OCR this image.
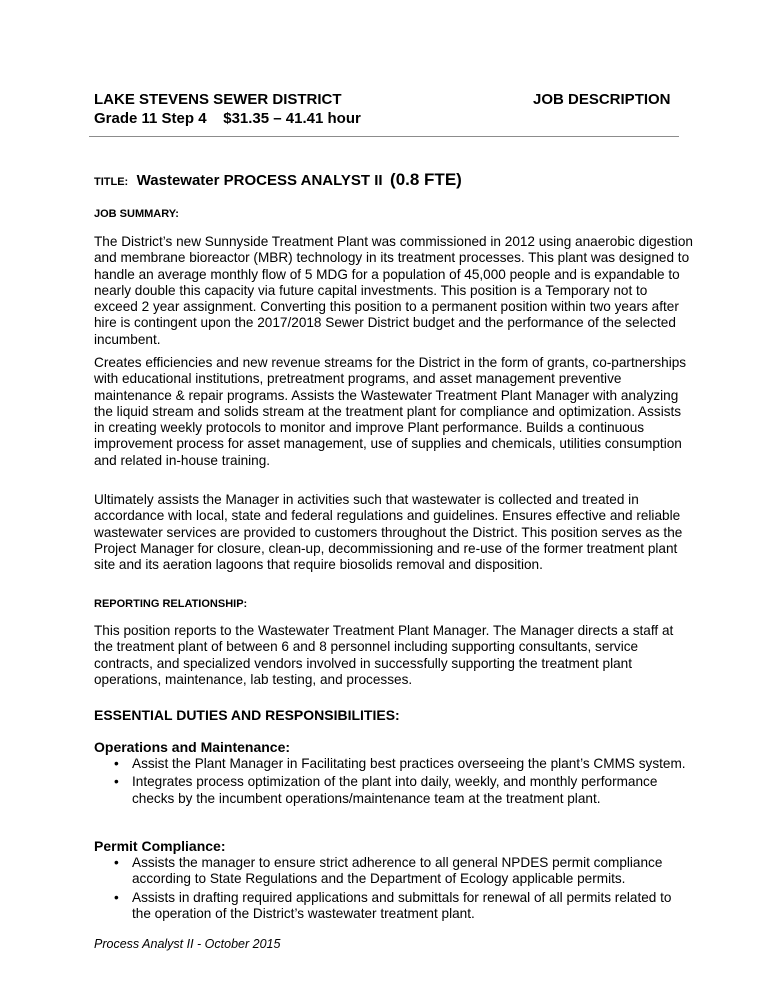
LAKE STEVENS SEWER DISTRICT
Grade 11 Step 4    $31.35 – 41.41 hour
JOB DESCRIPTION
TITLE: Wastewater PROCESS ANALYST II (0.8 FTE)
JOB SUMMARY:
The District’s new Sunnyside Treatment Plant was commissioned in 2012 using anaerobic digestion and membrane bioreactor (MBR) technology in its treatment processes. This plant was designed to handle an average monthly flow of 5 MDG for a population of 45,000 people and is expandable to nearly double this capacity via future capital investments. This position is a Temporary not to exceed 2 year assignment. Converting this position to a permanent position within two years after hire is contingent upon the 2017/2018 Sewer District budget and the performance of the selected incumbent.
Creates efficiencies and new revenue streams for the District in the form of grants, co-partnerships with educational institutions, pretreatment programs, and asset management preventive maintenance & repair programs. Assists the Wastewater Treatment Plant Manager with analyzing the liquid stream and solids stream at the treatment plant for compliance and optimization. Assists in creating weekly protocols to monitor and improve Plant performance. Builds a continuous improvement process for asset management, use of supplies and chemicals, utilities consumption and related in-house training.
Ultimately assists the Manager in activities such that wastewater is collected and treated in accordance with local, state and federal regulations and guidelines. Ensures effective and reliable wastewater services are provided to customers throughout the District. This position serves as the Project Manager for closure, clean-up, decommissioning and re-use of the former treatment plant site and its aeration lagoons that require biosolids removal and disposition.
REPORTING RELATIONSHIP:
This position reports to the Wastewater Treatment Plant Manager. The Manager directs a staff at the treatment plant of between 6 and 8 personnel including supporting consultants, service contracts, and specialized vendors involved in successfully supporting the treatment plant operations, maintenance, lab testing, and processes.
ESSENTIAL DUTIES AND RESPONSIBILITIES:
Operations and Maintenance:
• Assist the Plant Manager in Facilitating best practices overseeing the plant’s CMMS system.
• Integrates process optimization of the plant into daily, weekly, and monthly performance checks by the incumbent operations/maintenance team at the treatment plant.
Permit Compliance:
• Assists the manager to ensure strict adherence to all general NPDES permit compliance according to State Regulations and the Department of Ecology applicable permits.
• Assists in drafting required applications and submittals for renewal of all permits related to the operation of the District’s wastewater treatment plant.
Process Analyst II - October 2015
